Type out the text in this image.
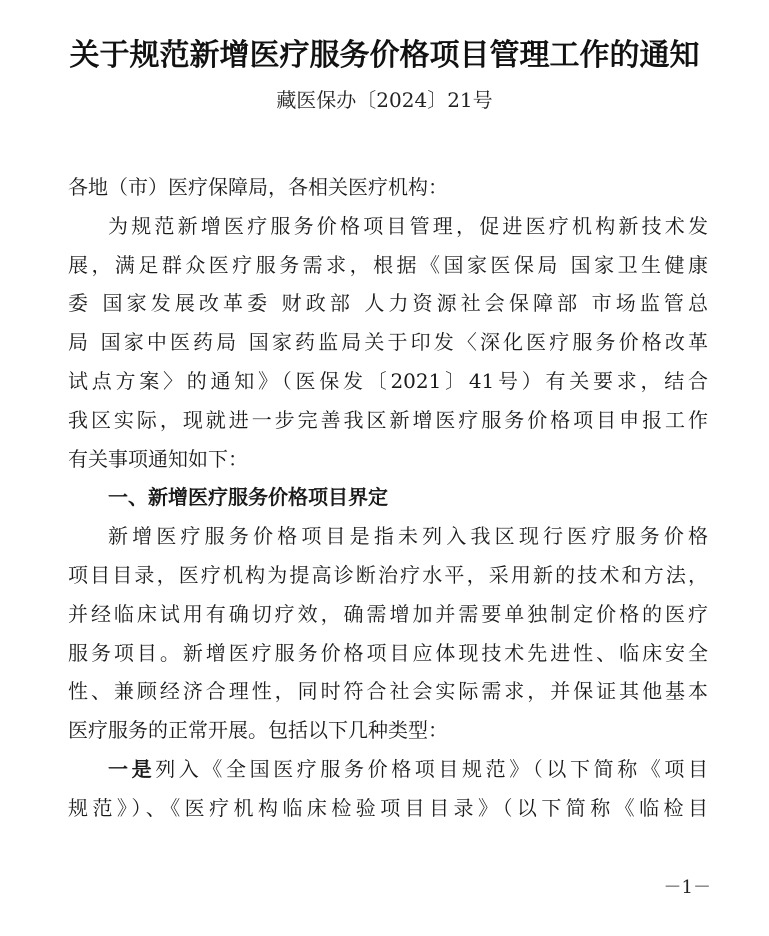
关于规范新增医疗服务价格项目管理工作的通知
藏医保办〔2024〕21号

各地（市）医疗保障局，各相关医疗机构：

为规范新增医疗服务价格项目管理，促进医疗机构新技术发
展，满足群众医疗服务需求，根据《国家医保局 国家卫生健康
委 国家发展改革委 财政部 人力资源社会保障部 市场监管总
局 国家中医药局 国家药监局关于印发〈深化医疗服务价格改革
试点方案〉的通知》（医保发〔2021〕41号）有关要求，结合
我区实际，现就进一步完善我区新增医疗服务价格项目申报工作
有关事项通知如下：

一、新增医疗服务价格项目界定

新增医疗服务价格项目是指未列入我区现行医疗服务价格
项目目录，医疗机构为提高诊断治疗水平，采用新的技术和方法，
并经临床试用有确切疗效，确需增加并需要单独制定价格的医疗
服务项目。新增医疗服务价格项目应体现技术先进性、临床安全
性、兼顾经济合理性，同时符合社会实际需求，并保证其他基本
医疗服务的正常开展。包括以下几种类型：
一是列入《全国医疗服务价格项目规范》（以下简称《项目
规范》）、《医疗机构临床检验项目目录》（以下简称《临检目
－1－
